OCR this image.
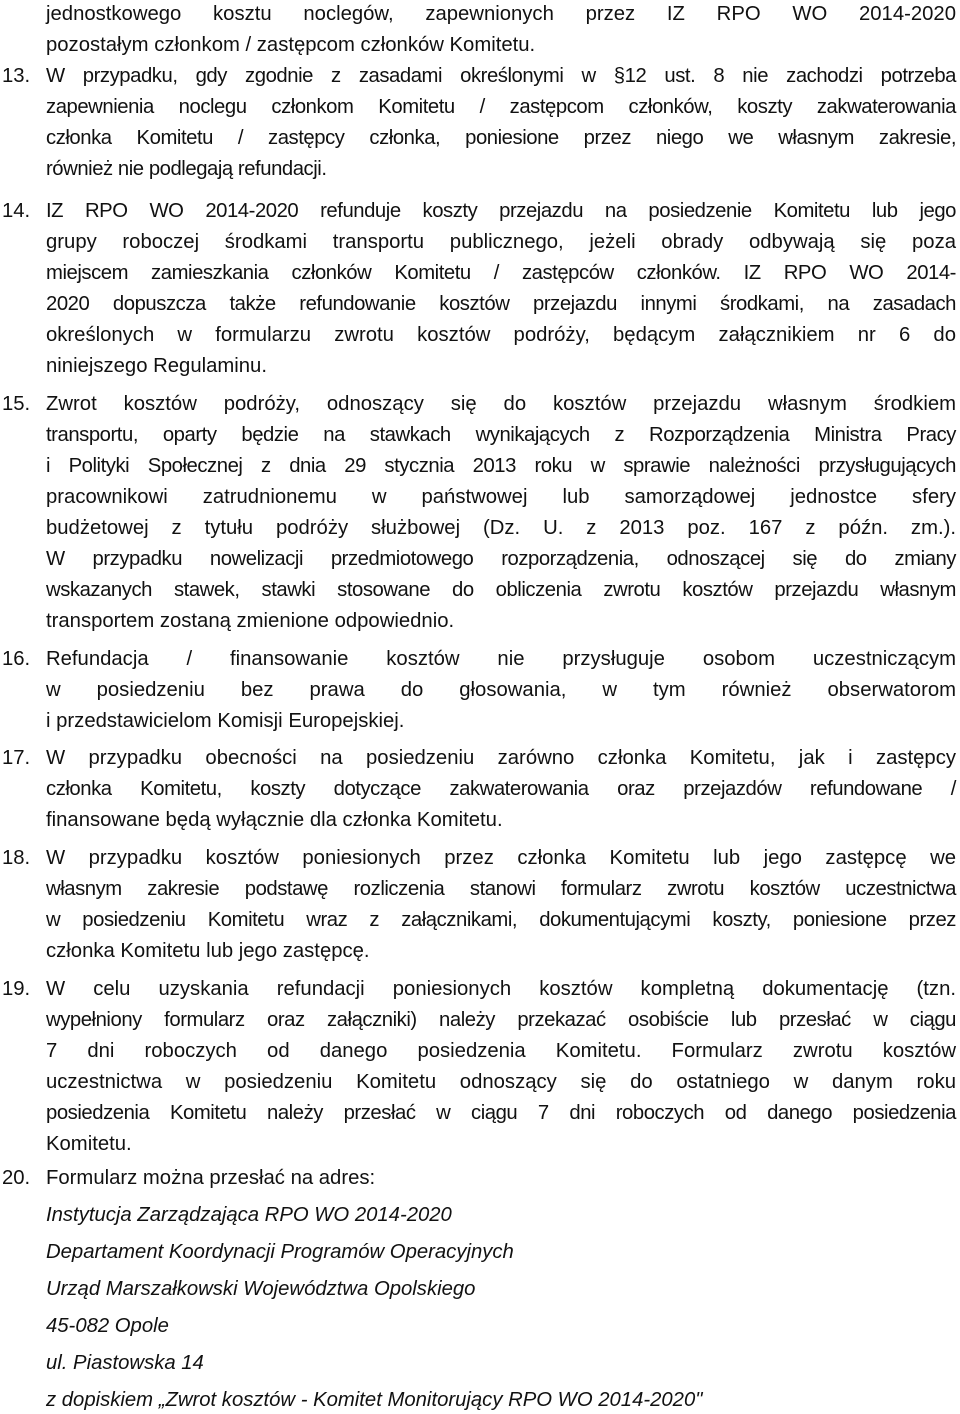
jednostkowego kosztu noclegów, zapewnionych przez IZ RPO WO 2014-2020
pozostałym członkom / zastępcom członków Komitetu.
13. W przypadku, gdy zgodnie z zasadami określonymi w §12 ust. 8 nie zachodzi potrzeba
zapewnienia noclegu członkom Komitetu / zastępcom członków, koszty zakwaterowania
członka Komitetu / zastępcy członka, poniesione przez niego we własnym zakresie,
również nie podlegają refundacji.
14. IZ RPO WO 2014-2020 refunduje koszty przejazdu na posiedzenie Komitetu lub jego
grupy roboczej środkami transportu publicznego, jeżeli obrady odbywają się poza
miejscem zamieszkania członków Komitetu / zastępców członków. IZ RPO WO 2014-
2020 dopuszcza także refundowanie kosztów przejazdu innymi środkami, na zasadach
określonych w formularzu zwrotu kosztów podróży, będącym załącznikiem nr 6 do
niniejszego Regulaminu.
15. Zwrot kosztów podróży, odnoszący się do kosztów przejazdu własnym środkiem
transportu, oparty będzie na stawkach wynikających z Rozporządzenia Ministra Pracy
i Polityki Społecznej z dnia 29 stycznia 2013 roku w sprawie należności przysługujących
pracownikowi zatrudnionemu w państwowej lub samorządowej jednostce sfery
budżetowej z tytułu podróży służbowej (Dz. U. z 2013 poz. 167 z późn. zm.).
W przypadku nowelizacji przedmiotowego rozporządzenia, odnoszącej się do zmiany
wskazanych stawek, stawki stosowane do obliczenia zwrotu kosztów przejazdu własnym
transportem zostaną zmienione odpowiednio.
16. Refundacja / finansowanie kosztów nie przysługuje osobom uczestniczącym
w posiedzeniu bez prawa do głosowania, w tym również obserwatorom
i przedstawicielom Komisji Europejskiej.
17. W przypadku obecności na posiedzeniu zarówno członka Komitetu, jak i zastępcy
członka Komitetu, koszty dotyczące zakwaterowania oraz przejazdów refundowane /
finansowane będą wyłącznie dla członka Komitetu.
18. W przypadku kosztów poniesionych przez członka Komitetu lub jego zastępcę we
własnym zakresie podstawę rozliczenia stanowi formularz zwrotu kosztów uczestnictwa
w posiedzeniu Komitetu wraz z załącznikami, dokumentującymi koszty, poniesione przez
członka Komitetu lub jego zastępcę.
19. W celu uzyskania refundacji poniesionych kosztów kompletną dokumentację (tzn.
wypełniony formularz oraz załączniki) należy przekazać osobiście lub przesłać w ciągu
7 dni roboczych od danego posiedzenia Komitetu. Formularz zwrotu kosztów
uczestnictwa w posiedzeniu Komitetu odnoszący się do ostatniego w danym roku
posiedzenia Komitetu należy przesłać w ciągu 7 dni roboczych od danego posiedzenia
Komitetu.
20. Formularz można przesłać na adres:
Instytucja Zarządzająca RPO WO 2014-2020
Departament Koordynacji Programów Operacyjnych
Urząd Marszałkowski Województwa Opolskiego
45-082 Opole
ul. Piastowska 14
z dopiskiem „Zwrot kosztów - Komitet Monitorujący RPO WO 2014-2020"
